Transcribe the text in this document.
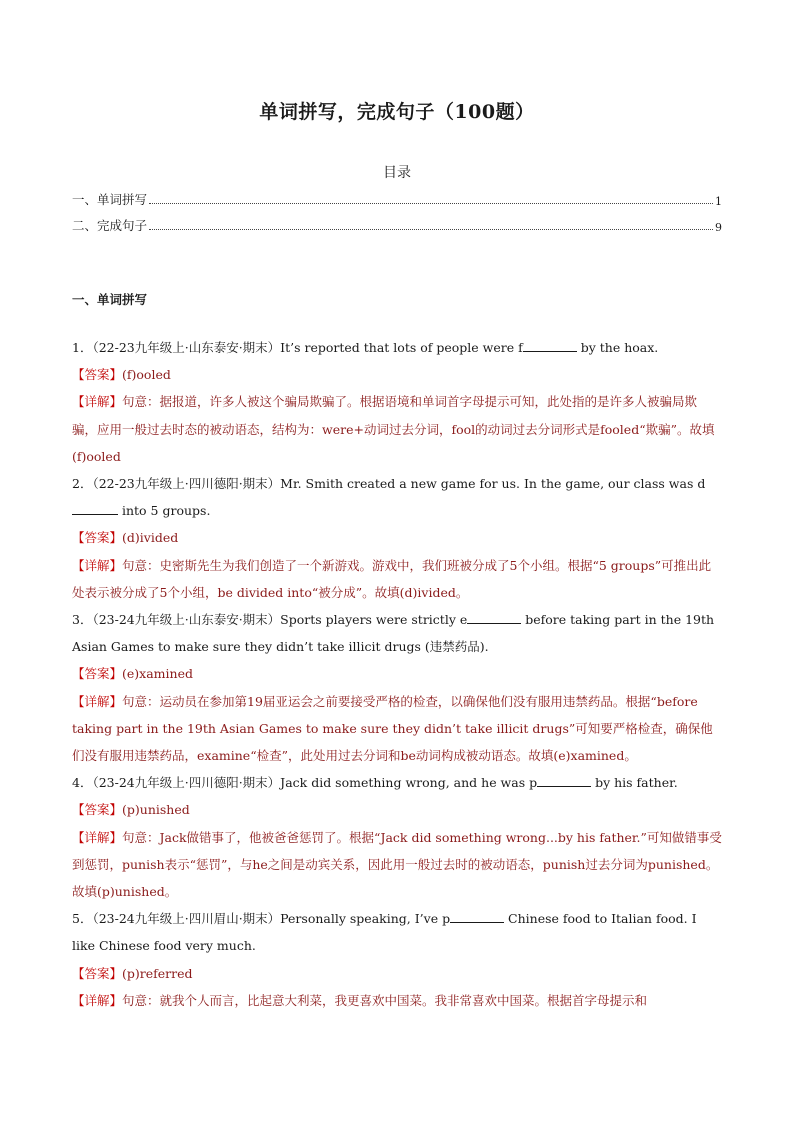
单词拼写，完成句子（100题）
目录
一、单词拼写	1
二、完成句子	9
一、单词拼写

1．（22-23九年级上·山东泰安·期末）It’s reported that lots of people were f	by the hoax.

【答案】(f)ooled

【详解】句意：据报道，许多人被这个骗局欺骗了。根据语境和单词首字母提示可知，此处指的是许多人被骗局欺骗，应用一般过去时态的被动语态，结构为：were+动词过去分词，fool的动词过去分词形式是fooled“欺骗”。故填(f)ooled

2．（22-23九年级上·四川德阳·期末）Mr. Smith created a new game for us. In the game, our class was d into 5 groups.

【答案】(d)ivided

【详解】句意：史密斯先生为我们创造了一个新游戏。游戏中，我们班被分成了5个小组。根据“5 groups”可推出此处表示被分成了5个小组，be divided into“被分成”。故填(d)ivided。

3．（23-24九年级上·山东泰安·期末）Sports players were strictly e	before taking part in the 19th Asian Games to make sure they didn’t take illicit drugs (违禁药品).

【答案】(e)xamined

【详解】句意：运动员在参加第19届亚运会之前要接受严格的检查，以确保他们没有服用违禁药品。根据“before taking part in the 19th Asian Games to make sure they didn’t take illicit drugs”可知要严格检查，确保他们没有服用违禁药品，examine“检查”，此处用过去分词和be动词构成被动语态。故填(e)xamined。

4．（23-24九年级上·四川德阳·期末）Jack did something wrong, and he was p	by his father.

【答案】(p)unished

【详解】句意：Jack做错事了，他被爸爸惩罚了。根据“Jack did something wrong...by his father.”可知做错事受到惩罚，punish表示“惩罚”，与he之间是动宾关系，因此用一般过去时的被动语态，punish过去分词为punished。故填(p)unished。

5．（23-24九年级上·四川眉山·期末）Personally speaking, I’ve p	Chinese food to Italian food. I like Chinese food very much.

【答案】(p)referred

【详解】句意：就我个人而言，比起意大利菜，我更喜欢中国菜。我非常喜欢中国菜。根据首字母提示和
